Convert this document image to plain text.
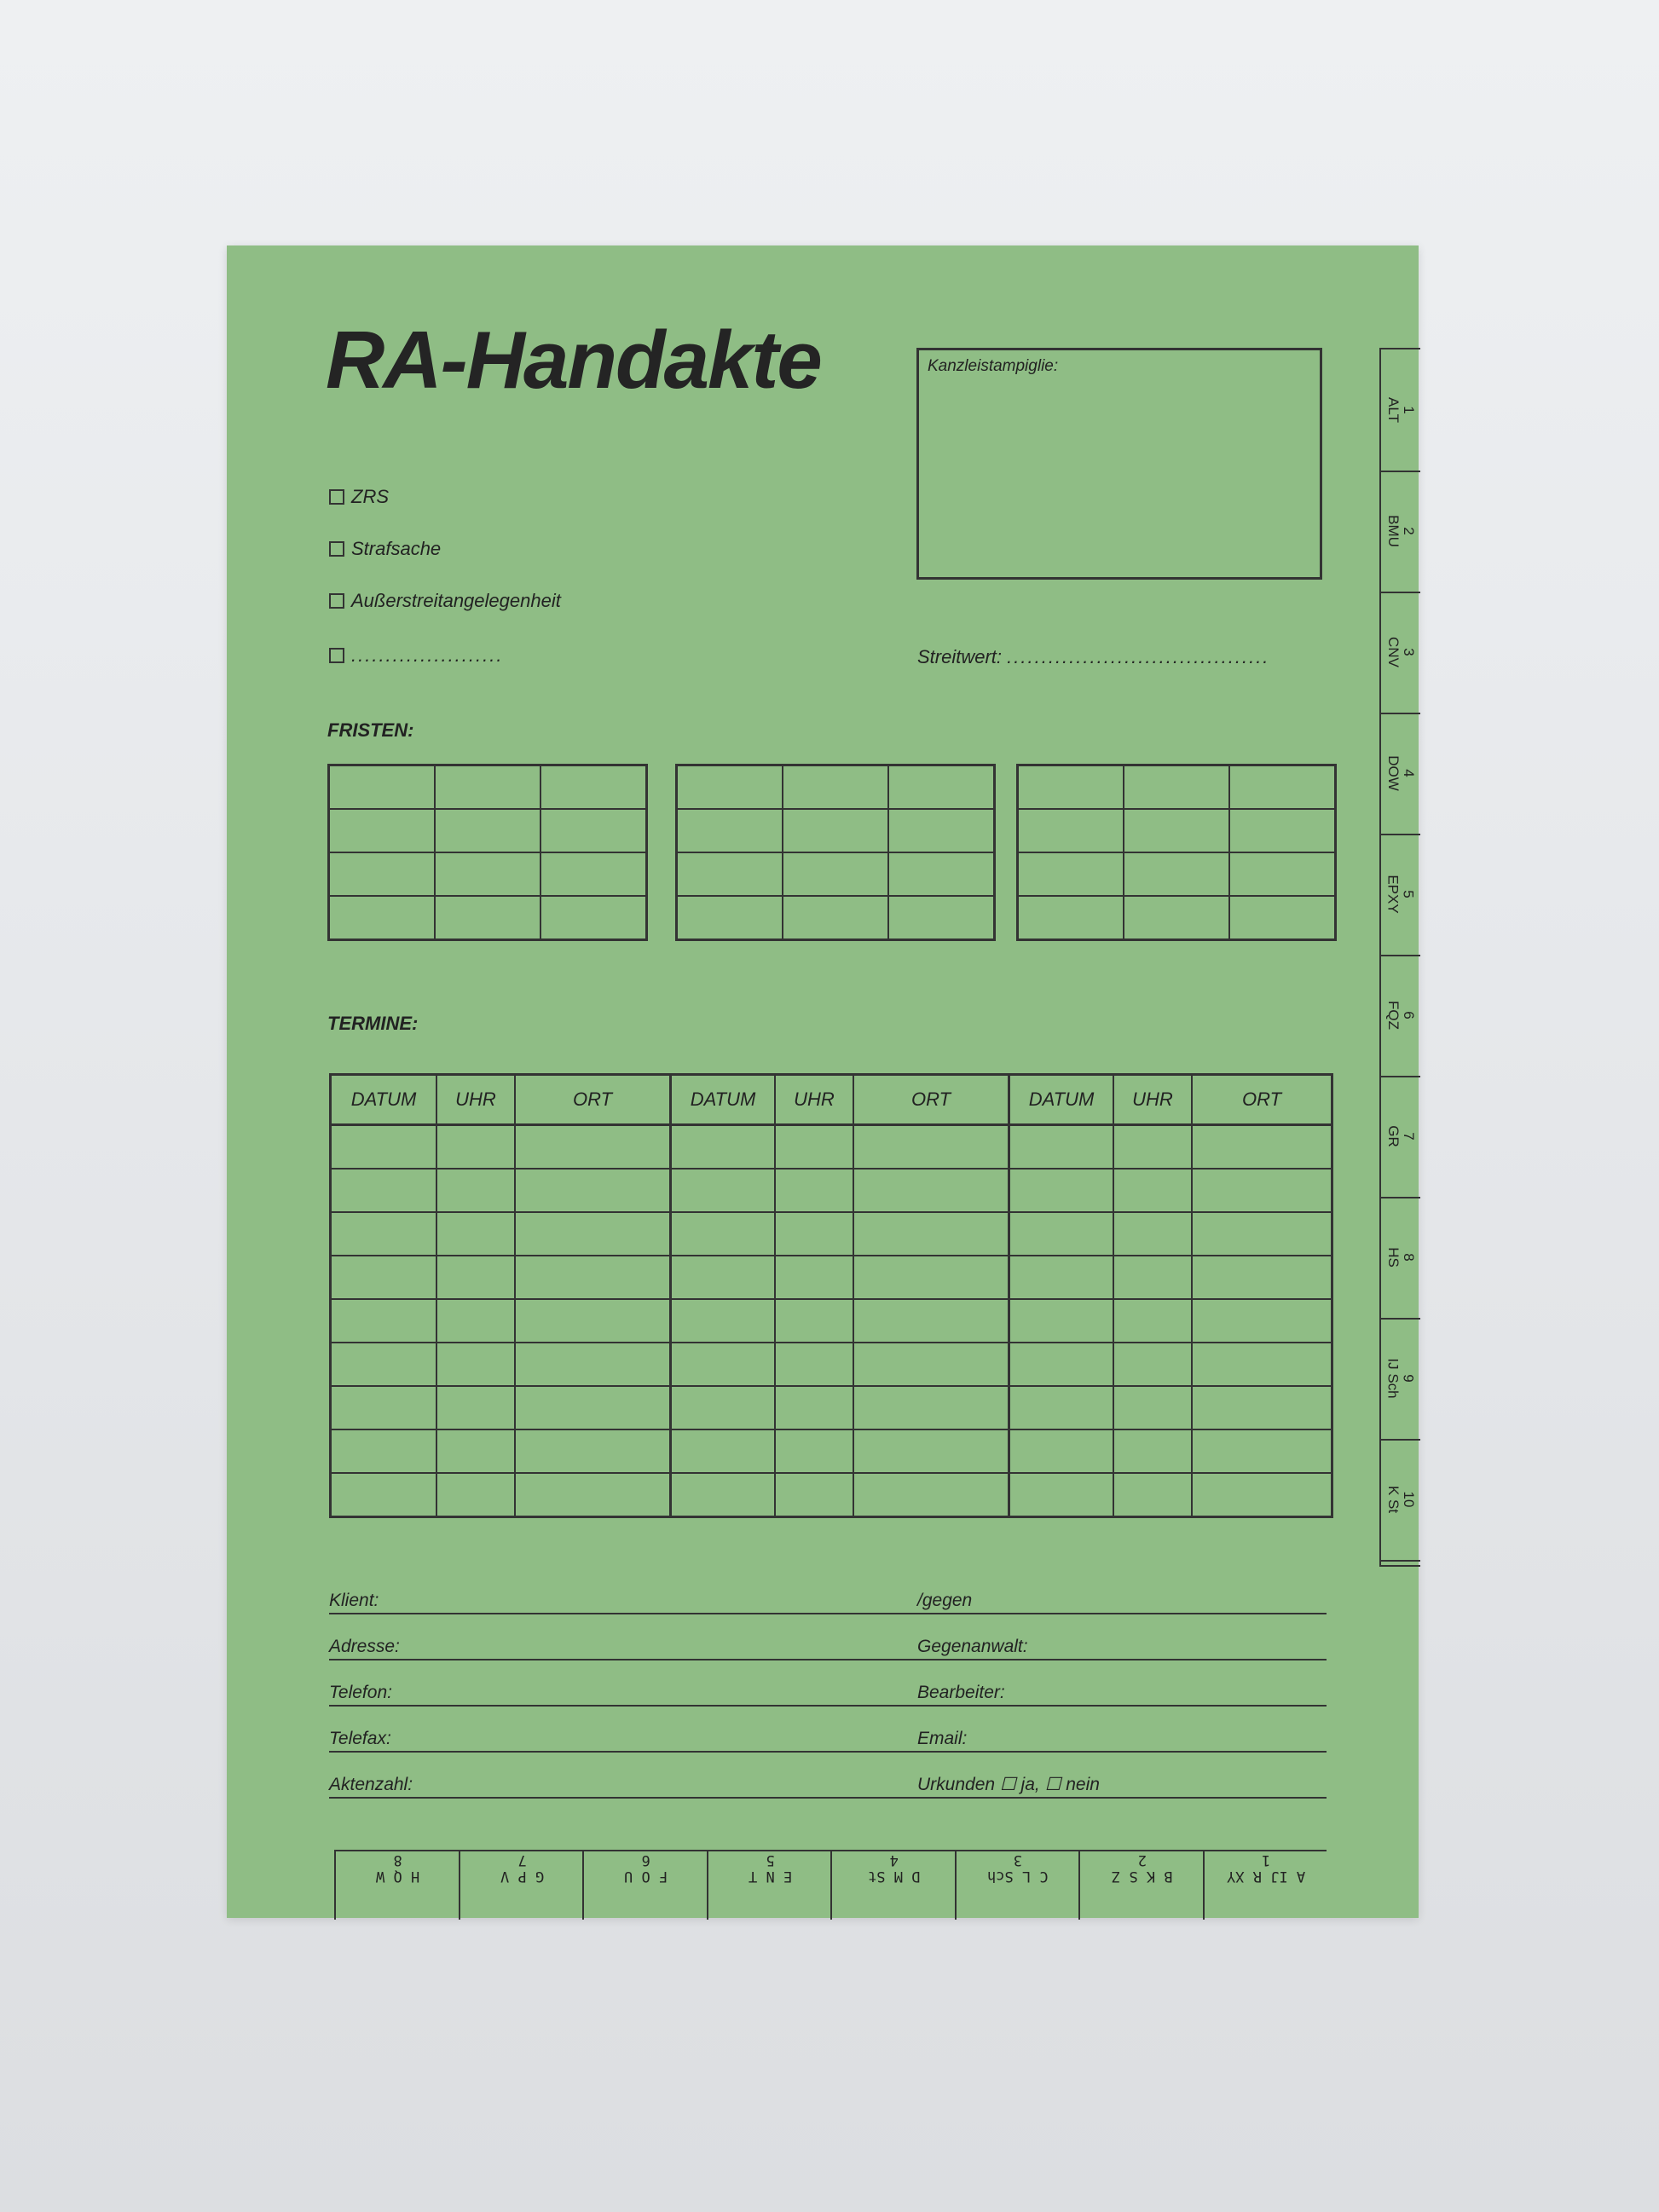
RA-Handakte	Kanzleistampiglie:
ZRS
Strafsache
Außerstreitangelegenheit
......................	Streitwert: ......................................
FRISTEN:

TERMINE:
DATUM	UHR	ORT	DATUM	UHR	ORT	DATUM	UHR	ORT

Klient:	/gegen
Adresse:	Gegenanwalt:
Telefon:	Bearbeiter:
Telefax:	Email:
Aktenzahl:	Urkunden ☐ ja, ☐ nein
1
ALT
2
BMU
3
CNV
4
DOW
5
EPXY
6
FQZ
7
GR
8
HS
9
IJ Sch
10
K St
H Q W
8
G P V
7
F O U
6
E N T
5
D M St
4
C L Sch
3
B K S Z
2
A IJ R XY
1
